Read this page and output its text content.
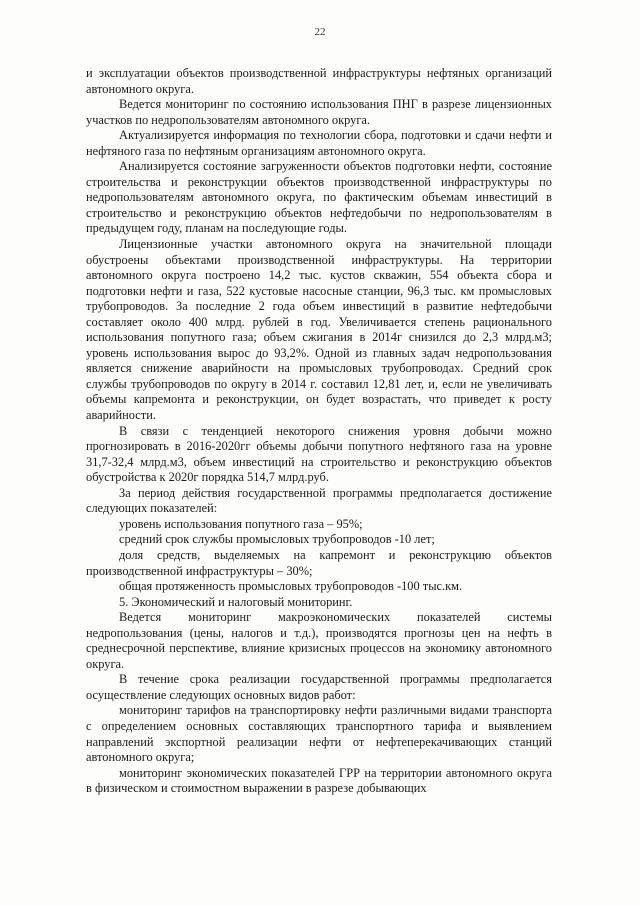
22

и эксплуатации объектов производственной инфраструктуры нефтяных организаций автономного округа.

Ведется мониторинг по состоянию использования ПНГ в разрезе лицензионных участков по недропользователям автономного округа.

Актуализируется информация по технологии сбора, подготовки и сдачи нефти и нефтяного газа по нефтяным организациям автономного округа.

Анализируется состояние загруженности объектов подготовки нефти, состояние строительства и реконструкции объектов производственной инфраструктуры по недропользователям автономного округа, по фактическим объемам инвестиций в строительство и реконструкцию объектов нефтедобычи по недропользователям в предыдущем году, планам на последующие годы.

Лицензионные участки автономного округа на значительной площади обустроены объектами производственной инфраструктуры. На территории автономного округа построено 14,2 тыс. кустов скважин, 554 объекта сбора и подготовки нефти и газа, 522 кустовые насосные станции, 96,3 тыс. км промысловых трубопроводов. За последние 2 года объем инвестиций в развитие нефтедобычи составляет около 400 млрд. рублей в год. Увеличивается степень рационального использования попутного газа; объем сжигания в 2014г снизился до 2,3 млрд.м3; уровень использования вырос до 93,2%. Одной из главных задач недропользования является снижение аварийности на промысловых трубопроводах. Средний срок службы трубопроводов по округу в 2014 г. составил 12,81 лет, и, если не увеличивать объемы капремонта и реконструкции, он будет возрастать, что приведет к росту аварийности.

В связи с тенденцией некоторого снижения уровня добычи можно прогнозировать в 2016-2020гг объемы добычи попутного нефтяного газа на уровне 31,7-32,4 млрд.м3, объем инвестиций на строительство и реконструкцию объектов обустройства к 2020г порядка 514,7 млрд.руб.

За период действия государственной программы предполагается достижение следующих показателей:

уровень использования попутного газа – 95%;

средний срок службы промысловых трубопроводов -10 лет;

доля средств, выделяемых на капремонт и реконструкцию объектов производственной инфраструктуры – 30%;

общая протяженность промысловых трубопроводов -100 тыс.км.

5. Экономический и налоговый мониторинг.

Ведется мониторинг макроэкономических показателей системы недропользования (цены, налогов и т.д.), производятся прогнозы цен на нефть в среднесрочной перспективе, влияние кризисных процессов на экономику автономного округа.

В течение срока реализации государственной программы предполагается осуществление следующих основных видов работ:

мониторинг тарифов на транспортировку нефти различными видами транспорта с определением основных составляющих транспортного тарифа и выявлением направлений экспортной реализации нефти от нефтеперекачивающих станций автономного округа;

мониторинг экономических показателей ГРР на территории автономного округа в физическом и стоимостном выражении в разрезе добывающих
